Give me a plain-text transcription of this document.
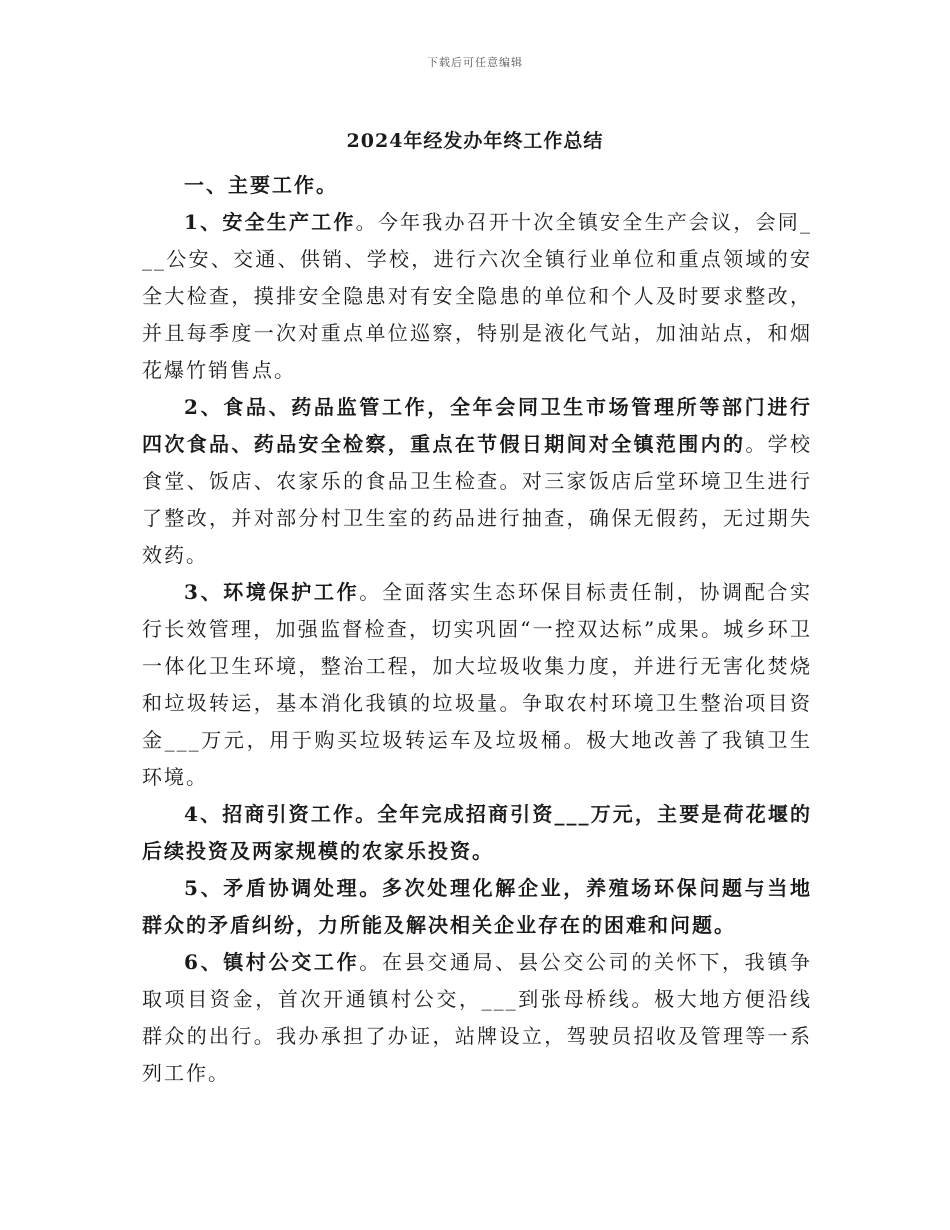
下载后可任意编辑
2024年经发办年终工作总结

一、主要工作。

1、安全生产工作。今年我办召开十次全镇安全生产会议，会同___公安、交通、供销、学校，进行六次全镇行业单位和重点领域的安全大检查，摸排安全隐患对有安全隐患的单位和个人及时要求整改，并且每季度一次对重点单位巡察，特别是液化气站，加油站点，和烟花爆竹销售点。

2、食品、药品监管工作，全年会同卫生市场管理所等部门进行四次食品、药品安全检察，重点在节假日期间对全镇范围内的。学校食堂、饭店、农家乐的食品卫生检查。对三家饭店后堂环境卫生进行了整改，并对部分村卫生室的药品进行抽查，确保无假药，无过期失效药。

3、环境保护工作。全面落实生态环保目标责任制，协调配合实行长效管理，加强监督检查，切实巩固“一控双达标”成果。城乡环卫一体化卫生环境，整治工程，加大垃圾收集力度，并进行无害化焚烧和垃圾转运，基本消化我镇的垃圾量。争取农村环境卫生整治项目资金___万元，用于购买垃圾转运车及垃圾桶。极大地改善了我镇卫生环境。

4、招商引资工作。全年完成招商引资___万元，主要是荷花堰的后续投资及两家规模的农家乐投资。

5、矛盾协调处理。多次处理化解企业，养殖场环保问题与当地群众的矛盾纠纷，力所能及解决相关企业存在的困难和问题。

6、镇村公交工作。在县交通局、县公交公司的关怀下，我镇争取项目资金，首次开通镇村公交，___到张母桥线。极大地方便沿线群众的出行。我办承担了办证，站牌设立，驾驶员招收及管理等一系列工作。
